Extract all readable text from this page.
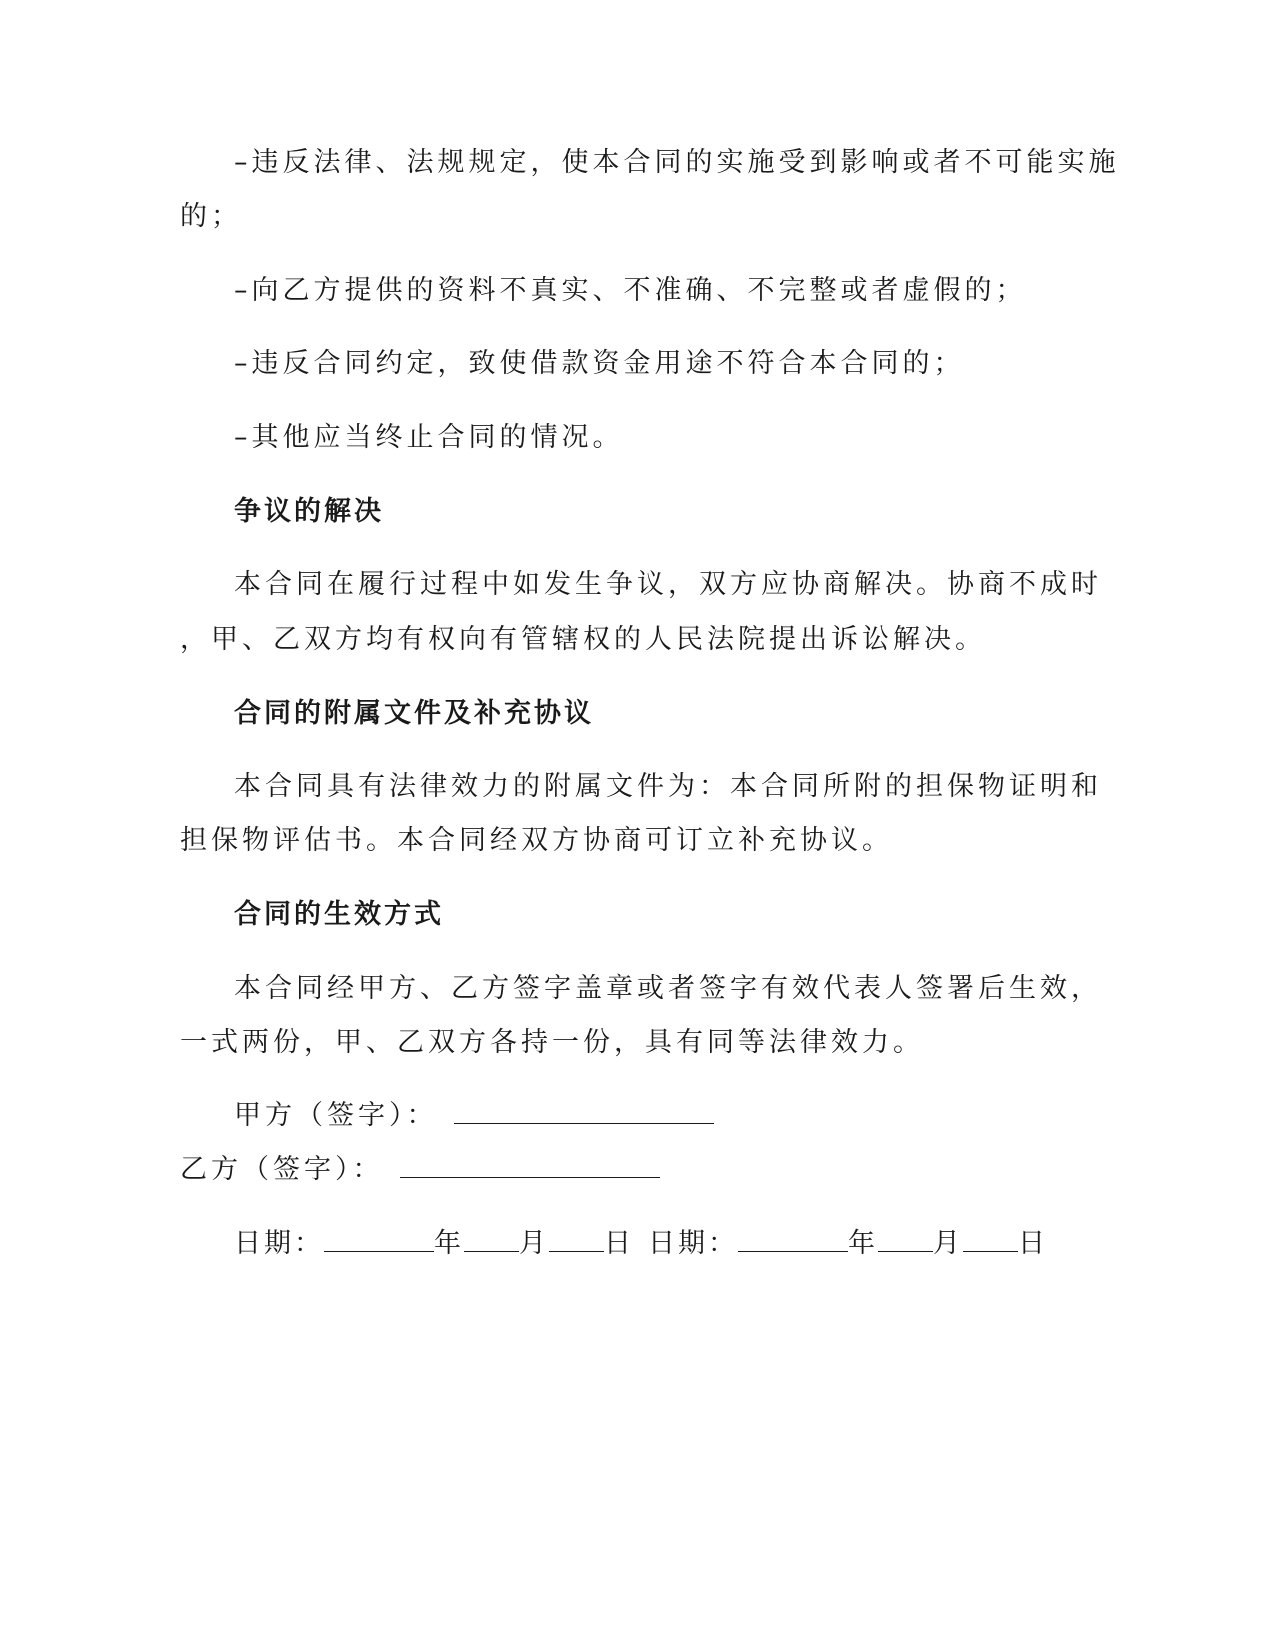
–违反法律、法规规定，使本合同的实施受到影响或者不可能实施
的；
–向乙方提供的资料不真实、不准确、不完整或者虚假的；
–违反合同约定，致使借款资金用途不符合本合同的；
–其他应当终止合同的情况。
争议的解决
本合同在履行过程中如发生争议，双方应协商解决。协商不成时
，甲、乙双方均有权向有管辖权的人民法院提出诉讼解决。
合同的附属文件及补充协议
本合同具有法律效力的附属文件为：本合同所附的担保物证明和
担保物评估书。本合同经双方协商可订立补充协议。
合同的生效方式
本合同经甲方、乙方签字盖章或者签字有效代表人签署后生效，
一式两份，甲、乙双方各持一份，具有同等法律效力。
甲方（签字）：
乙方（签字）：
日期：	年 月 日 日期：	年 月 日
